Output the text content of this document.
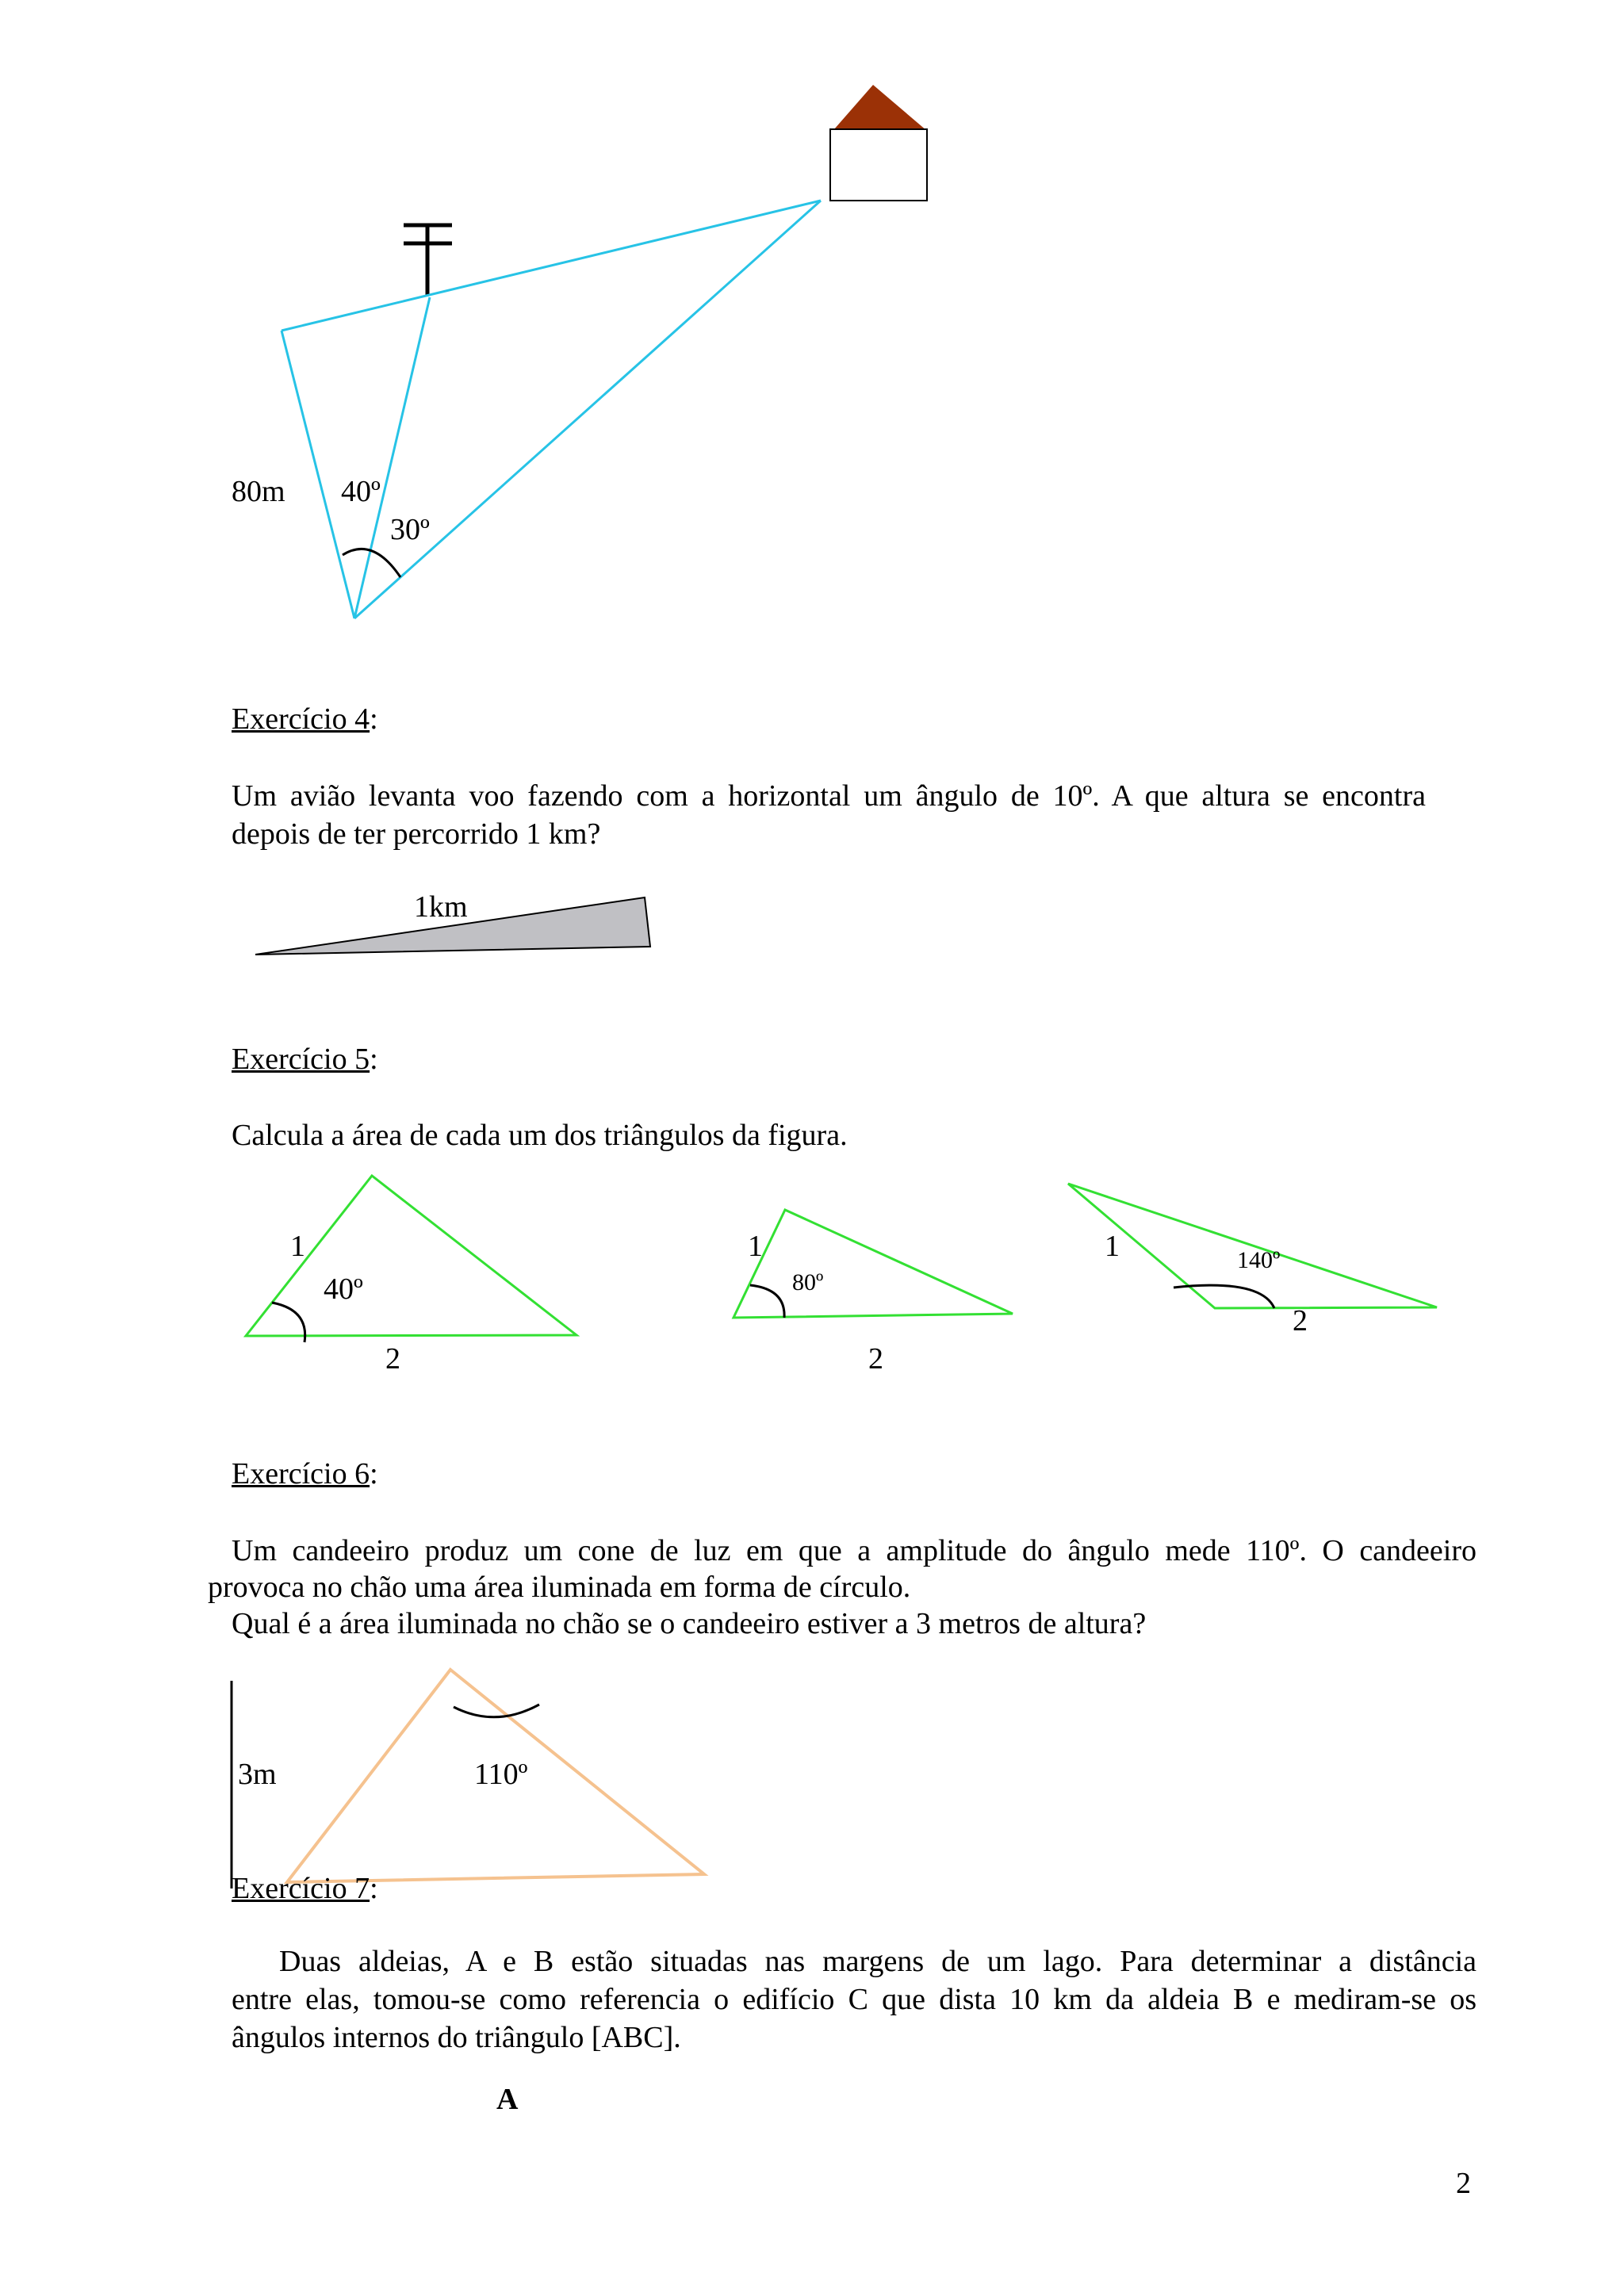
80m 40º
30º
Exercício 4:
Um avião levanta voo fazendo com a horizontal um ângulo de 10º. A que altura se encontra
depois de ter percorrido 1 km?
1km
Exercício 5:
Calcula a área de cada um dos triângulos da figura.
1
40º
2
1
80º
2
1	140º
2
Exercício 6:
Um candeeiro produz um cone de luz em que a amplitude do ângulo mede 110º. O candeeiro
provoca no chão uma área iluminada em forma de círculo.
Qual é a área iluminada no chão se o candeeiro estiver a 3 metros de altura?
3m	110º
Exercício 7:
Duas aldeias, A e B estão situadas nas margens de um lago. Para determinar a distância
entre elas, tomou-se como referencia o edifício C que dista 10 km da aldeia B e mediram-se os
ângulos internos do triângulo [ABC].
A
2
